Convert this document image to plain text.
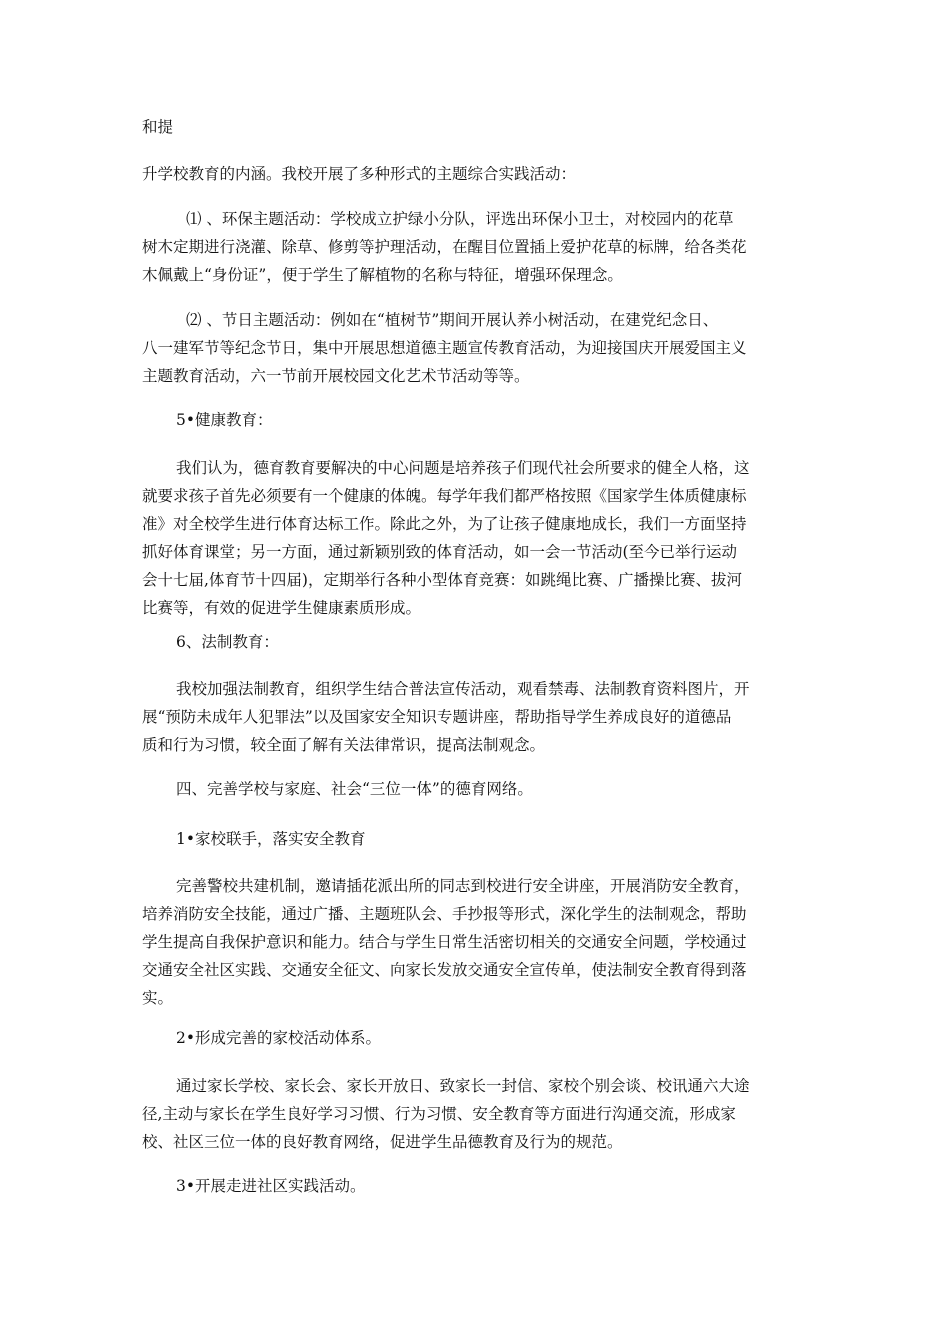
和提
升学校教育的内涵。我校开展了多种形式的主题综合实践活动：
⑴ 、环保主题活动：学校成立护绿小分队，评选出环保小卫士，对校园内的花草
树木定期进行浇灌、除草、修剪等护理活动，在醒目位置插上爱护花草的标牌，给各类花
木佩戴上“身份证”，便于学生了解植物的名称与特征，增强环保理念。
⑵ 、节日主题活动：例如在“植树节”期间开展认养小树活动，在建党纪念日、
八一建军节等纪念节日，集中开展思想道德主题宣传教育活动，为迎接国庆开展爱国主义
主题教育活动，六一节前开展校园文化艺术节活动等等。
5•健康教育：
我们认为，德育教育要解决的中心问题是培养孩子们现代社会所要求的健全人格，这
就要求孩子首先必须要有一个健康的体魄。每学年我们都严格按照《国家学生体质健康标
准》对全校学生进行体育达标工作。除此之外，为了让孩子健康地成长，我们一方面坚持
抓好体育课堂；另一方面，通过新颖别致的体育活动，如一会一节活动(至今已举行运动
会十七届,体育节十四届)，定期举行各种小型体育竞赛：如跳绳比赛、广播操比赛、拔河
比赛等，有效的促进学生健康素质形成。
6、法制教育：
我校加强法制教育，组织学生结合普法宣传活动，观看禁毒、法制教育资料图片，开
展“预防未成年人犯罪法”以及国家安全知识专题讲座，帮助指导学生养成良好的道德品
质和行为习惯，较全面了解有关法律常识，提高法制观念。
四、完善学校与家庭、社会“三位一体”的德育网络。
1•家校联手，落实安全教育
完善警校共建机制，邀请插花派出所的同志到校进行安全讲座，开展消防安全教育，
培养消防安全技能，通过广播、主题班队会、手抄报等形式，深化学生的法制观念，帮助
学生提高自我保护意识和能力。结合与学生日常生活密切相关的交通安全问题，学校通过
交通安全社区实践、交通安全征文、向家长发放交通安全宣传单，使法制安全教育得到落
实。
2•形成完善的家校活动体系。
通过家长学校、家长会、家长开放日、致家长一封信、家校个别会谈、校讯通六大途
径,主动与家长在学生良好学习习惯、行为习惯、安全教育等方面进行沟通交流，形成家
校、社区三位一体的良好教育网络，促进学生品德教育及行为的规范。
3•开展走进社区实践活动。
